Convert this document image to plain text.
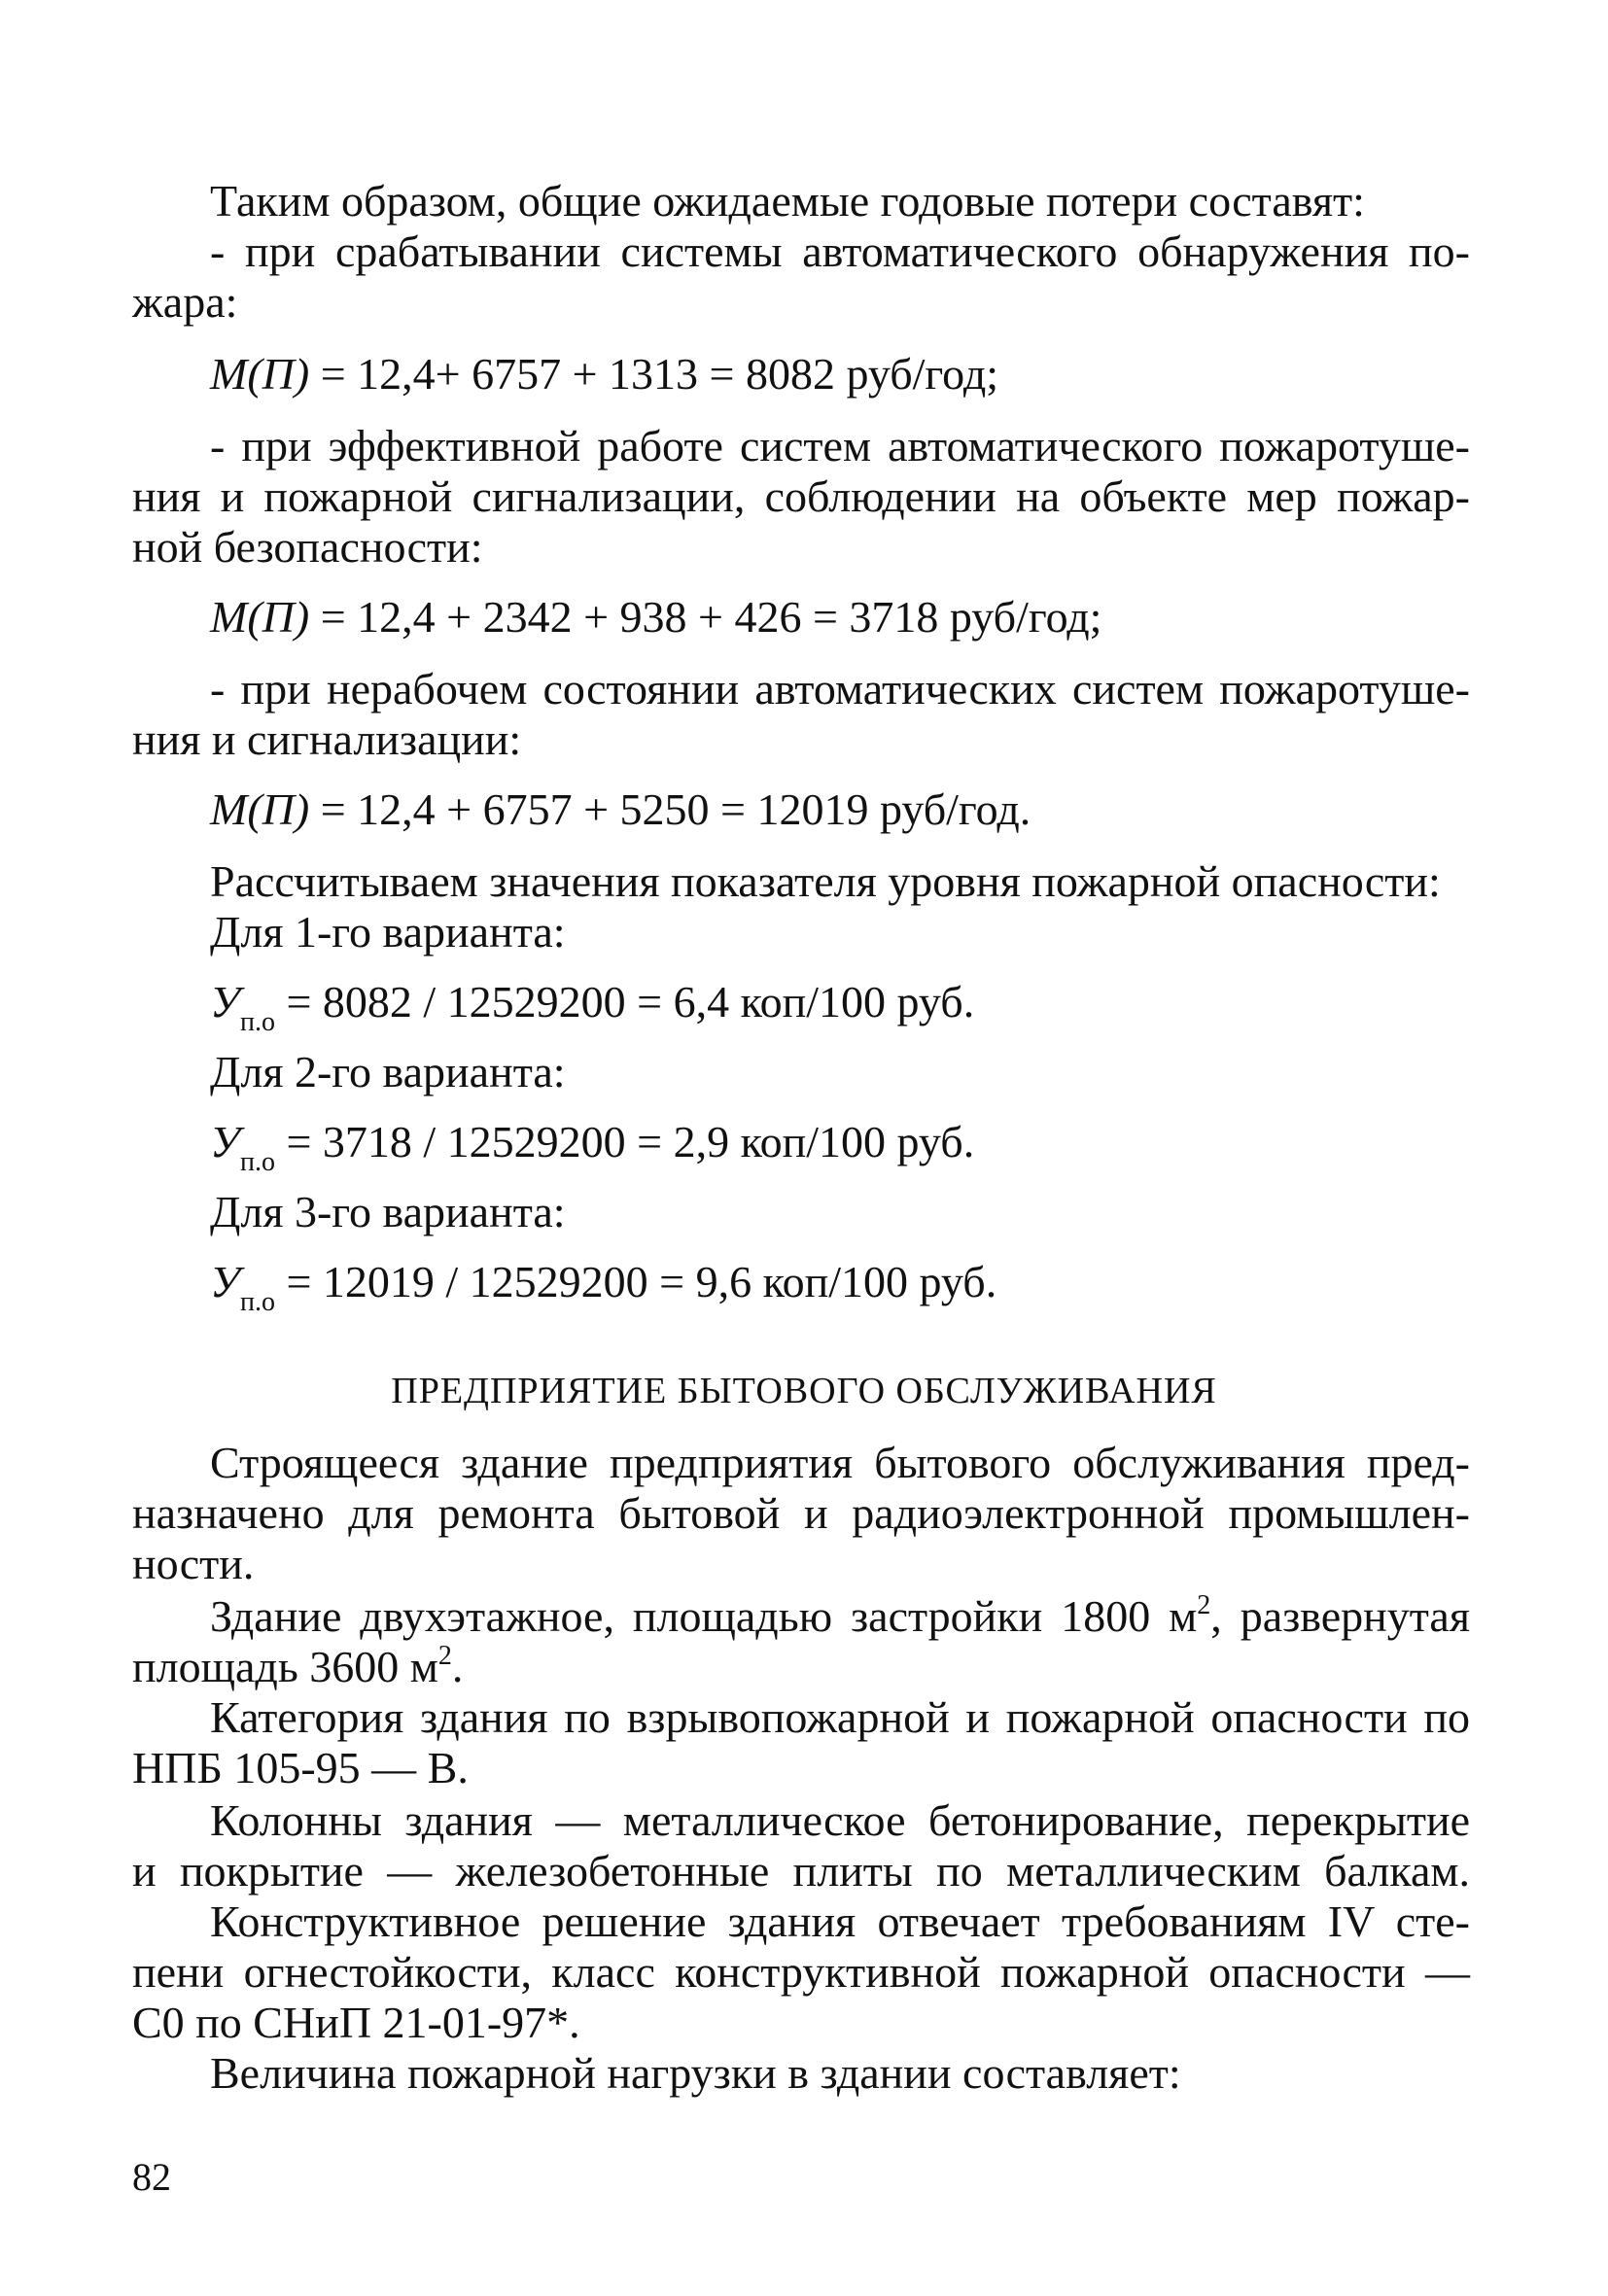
Таким образом, общие ожидаемые годовые потери составят:
- при срабатывании системы автоматического обнаружения по-
жара:
М(П) = 12,4+ 6757 + 1313 = 8082 руб/год;
- при эффективной работе систем автоматического пожаротуше-
ния и пожарной сигнализации, соблюдении на объекте мер пожар-
ной безопасности:
М(П) = 12,4 + 2342 + 938 + 426 = 3718 руб/год;
- при нерабочем состоянии автоматических систем пожаротуше-
ния и сигнализации:
М(П) = 12,4 + 6757 + 5250 = 12019 руб/год.
Рассчитываем значения показателя уровня пожарной опасности:
Для 1-го варианта:
$У_{п.о} = 8082 / 12529200 = 6,4$ коп/100 руб.
Для 2-го варианта:
$У_{п.о} = 3718 / 12529200 = 2,9$ коп/100 руб.
Для 3-го варианта:
$У_{п.о} = 12019 / 12529200 = 9,6$ коп/100 руб.
ПРЕДПРИЯТИЕ БЫТОВОГО ОБСЛУЖИВАНИЯ
Строящееся здание предприятия бытового обслуживания пред-
назначено для ремонта бытовой и радиоэлектронной промышлен-
ности.
Здание двухэтажное, площадью застройки 1800 $м^2$, развернутая
площадь 3600 $м^2$.
Категория здания по взрывопожарной и пожарной опасности по
НПБ 105-95 — В.
Колонны здания — металлическое бетонирование, перекрытие
и покрытие — железобетонные плиты по металлическим балкам.
Конструктивное решение здания отвечает требованиям IV сте-
пени огнестойкости, класс конструктивной пожарной опасности —
С0 по СНиП 21-01-97*.
Величина пожарной нагрузки в здании составляет:
82
